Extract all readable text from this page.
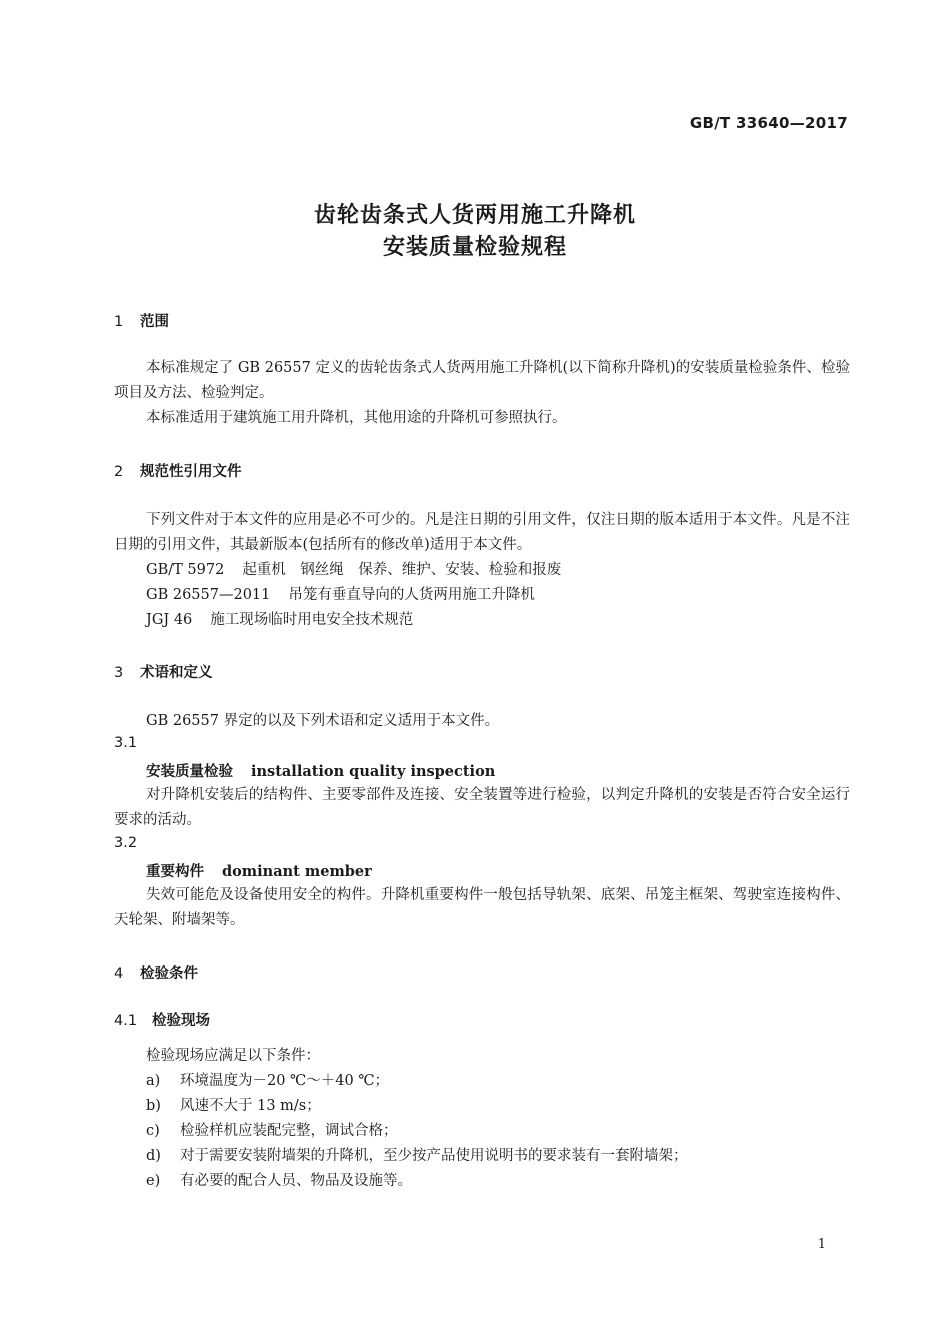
GB/T 33640—2017
齿轮齿条式人货两用施工升降机
安装质量检验规程
1 范围
本标准规定了 GB 26557 定义的齿轮齿条式人货两用施工升降机(以下简称升降机)的安装质量检验条件、检验项目及方法、检验判定。
本标准适用于建筑施工用升降机，其他用途的升降机可参照执行。
2 规范性引用文件
下列文件对于本文件的应用是必不可少的。凡是注日期的引用文件，仅注日期的版本适用于本文件。凡是不注日期的引用文件，其最新版本(包括所有的修改单)适用于本文件。
GB/T 5972 起重机　钢丝绳　保养、维护、安装、检验和报废
GB 26557—2011 吊笼有垂直导向的人货两用施工升降机
JGJ 46 施工现场临时用电安全技术规范
3 术语和定义
GB 26557 界定的以及下列术语和定义适用于本文件。
3.1
安装质量检验 installation quality inspection
对升降机安装后的结构件、主要零部件及连接、安全装置等进行检验，以判定升降机的安装是否符合安全运行要求的活动。
3.2
重要构件 dominant member
失效可能危及设备使用安全的构件。升降机重要构件一般包括导轨架、底架、吊笼主框架、驾驶室连接构件、天轮架、附墙架等。
4 检验条件
4.1 检验现场
检验现场应满足以下条件：
a) 环境温度为－20 ℃～＋40 ℃；
b) 风速不大于 13 m/s；
c) 检验样机应装配完整，调试合格；
d) 对于需要安装附墙架的升降机，至少按产品使用说明书的要求装有一套附墙架；
e) 有必要的配合人员、物品及设施等。
1
